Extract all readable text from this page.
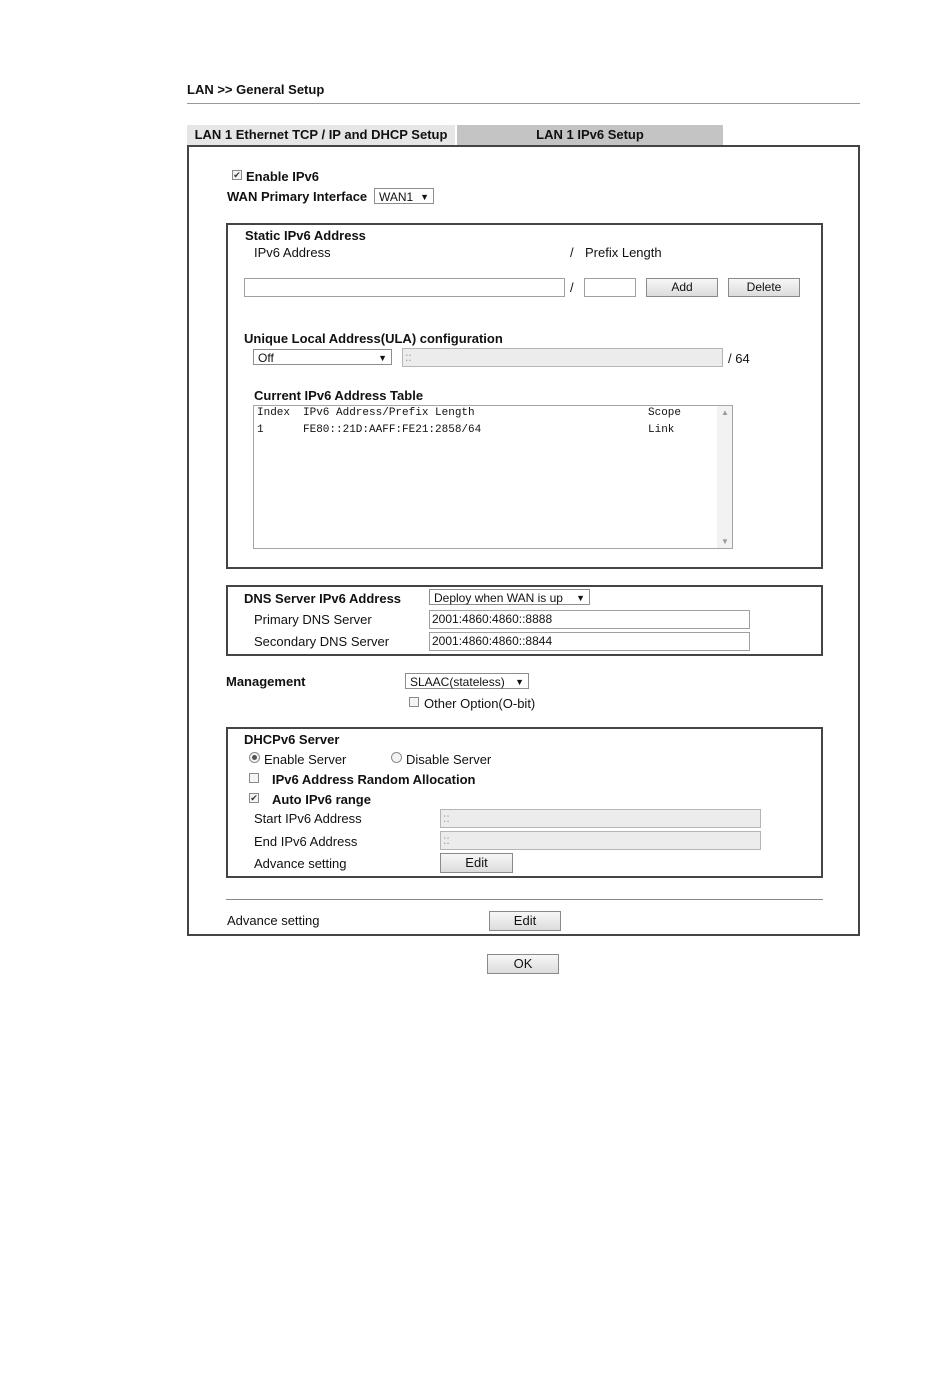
LAN >> General Setup
LAN 1 Ethernet TCP / IP and DHCP Setup	LAN 1 IPv6 Setup
✔ Enable IPv6
WAN Primary Interface WAN1 ▼
Static IPv6 Address
IPv6 Address	/ Prefix Length
/	Add	Delete
Unique Local Address(ULA) configuration
Off	▼ ::	/ 64
Current IPv6 Address Table
Index IPv6 Address/Prefix Length	Scope
1	FE80::21D:AAFF:FE21:2858/64	Link
▲
▼
DNS Server IPv6 Address	Deploy when WAN is up ▼
Primary DNS Server	2001:4860:4860::8888
Secondary DNS Server	2001:4860:4860::8844
Management	SLAAC(stateless) ▼
Other Option(O-bit)
DHCPv6 Server
Enable Server	Disable Server
IPv6 Address Random Allocation
✔ Auto IPv6 range
Start IPv6 Address	::
End IPv6 Address	::
Advance setting	Edit
Advance setting	Edit
OK
